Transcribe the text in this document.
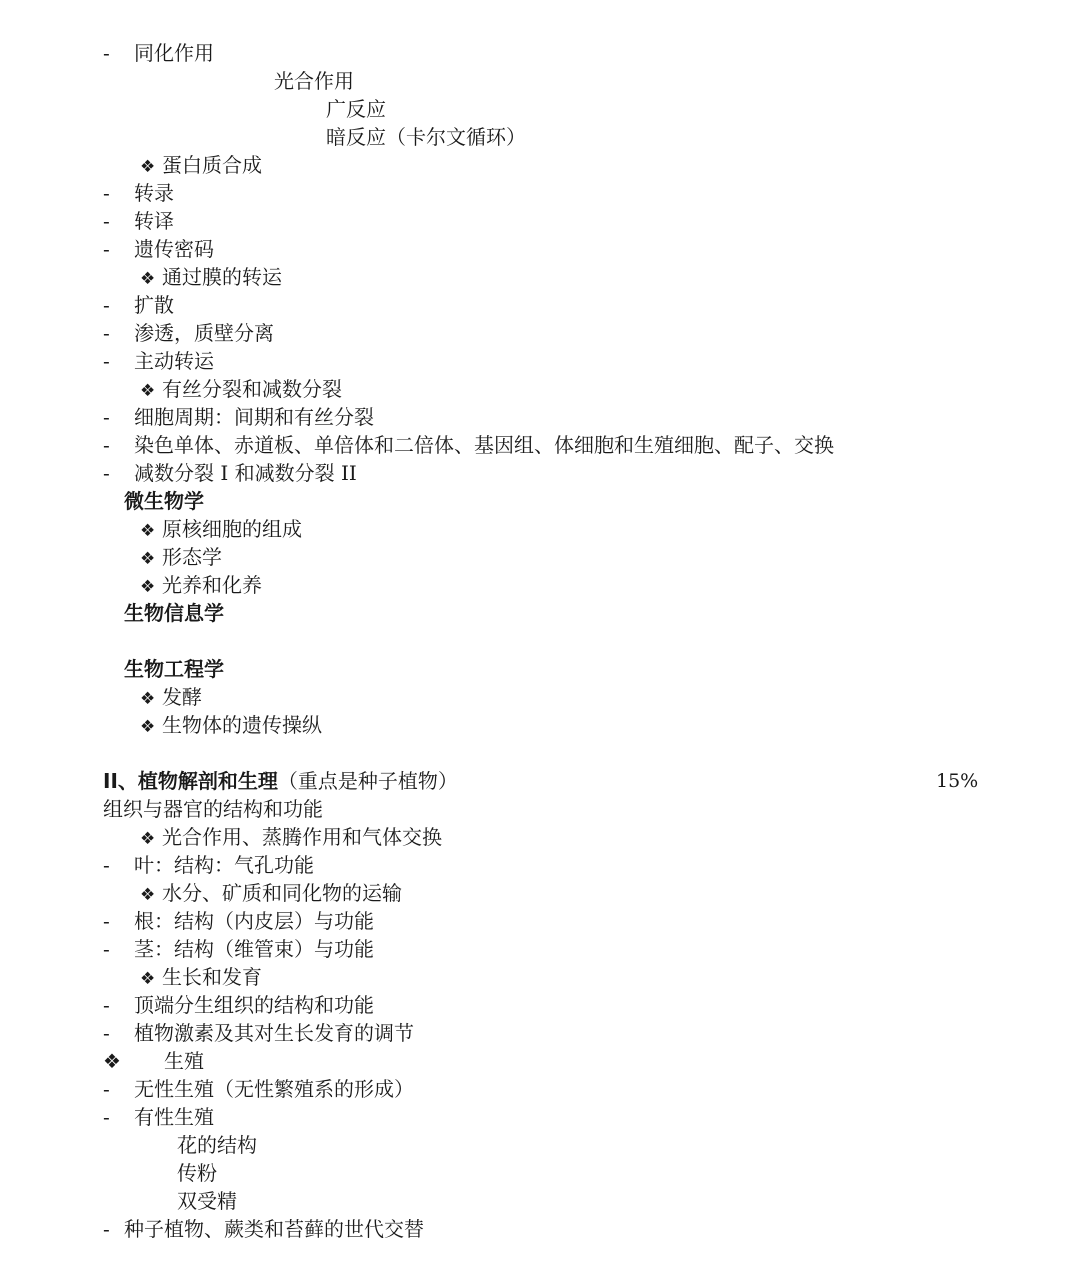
- 同化作用
光合作用
广反应
暗反应（卡尔文循环）
❖ 蛋白质合成
- 转录
- 转译
- 遗传密码
❖ 通过膜的转运
- 扩散
- 渗透，质壁分离
- 主动转运
❖ 有丝分裂和减数分裂
- 细胞周期：间期和有丝分裂
- 染色单体、赤道板、单倍体和二倍体、基因组、体细胞和生殖细胞、配子、交换
- 减数分裂 I 和减数分裂 II
微生物学
❖ 原核细胞的组成
❖ 形态学
❖ 光养和化养
生物信息学
生物工程学
❖ 发酵
❖ 生物体的遗传操纵
II、植物解剖和生理（重点是种子植物）	15%
组织与器官的结构和功能
❖ 光合作用、蒸腾作用和气体交换
- 叶：结构：气孔功能
❖ 水分、矿质和同化物的运输
- 根：结构（内皮层）与功能
- 茎：结构（维管束）与功能
❖ 生长和发育
- 顶端分生组织的结构和功能
- 植物激素及其对生长发育的调节
❖ 生殖
- 无性生殖（无性繁殖系的形成）
- 有性生殖
花的结构
传粉
双受精
- 种子植物、蕨类和苔藓的世代交替
